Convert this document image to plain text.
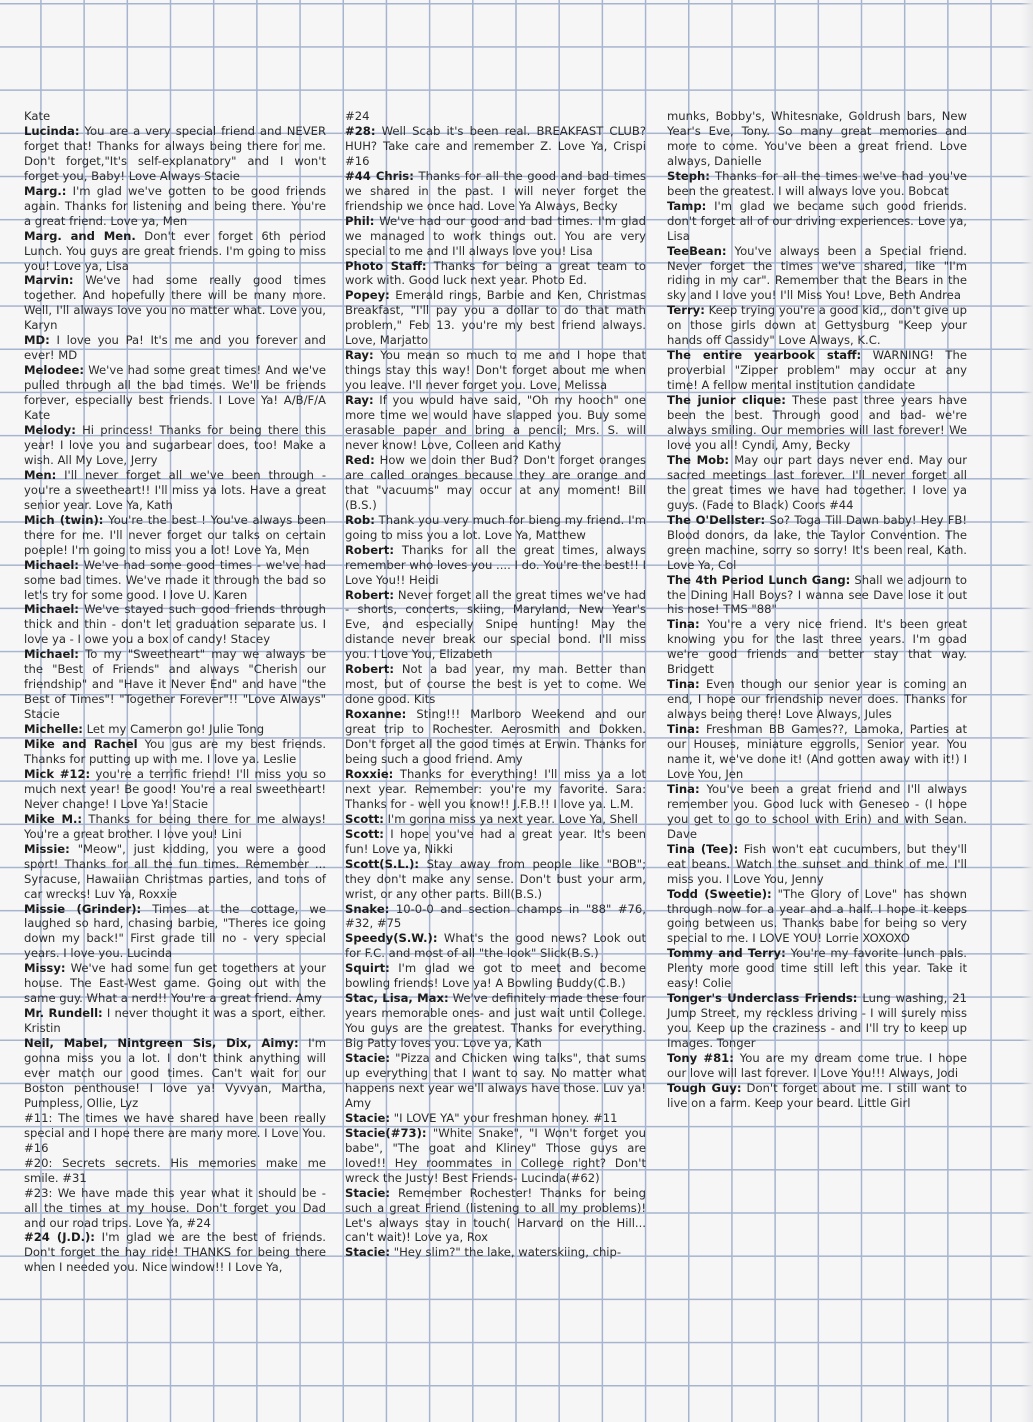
Kate

Lucinda: You are a very special friend and NEVER forget that! Thanks for always being there for me. Don't forget,"It's self-explanatory" and I won't forget you, Baby! Love Always Stacie

Marg.: I'm glad we've gotten to be good friends again. Thanks for listening and being there. You're a great friend. Love ya, Men

Marg. and Men. Don't ever forget 6th period Lunch. You guys are great friends. I'm going to miss you! Love ya, Lisa

Marvin: We've had some really good times together. And hopefully there will be many more. Well, I'll always love you no matter what. Love you, Karyn

MD: I love you Pa! It's me and you forever and ever! MD

Melodee: We've had some great times! And we've pulled through all the bad times. We'll be friends forever, especially best friends. I Love Ya! A/B/F/A Kate

Melody: Hi princess! Thanks for being there this year! I love you and sugarbear does, too! Make a wish. All My Love, Jerry

Men: I'll never forget all we've been through - you're a sweetheart!! I'll miss ya lots. Have a great senior year. Love Ya, Kath

Mich (twin): You're the best ! You've always been there for me. I'll never forget our talks on certain poeple! I'm going to miss you a lot! Love Ya, Men

Michael: We've had some good times - we've had some bad times. We've made it through the bad so let's try for some good. I love U. Karen

Michael: We've stayed such good friends through thick and thin - don't let graduation separate us. I love ya - I owe you a box of candy! Stacey

Michael: To my "Sweetheart" may we always be the "Best of Friends" and always "Cherish our friendship" and "Have it Never End" and have "the Best of Times"! "Together Forever"!! "Love Always" Stacie

Michelle: Let my Cameron go! Julie Tong

Mike and Rachel You gus are my best friends. Thanks for putting up with me. I love ya. Leslie

Mick #12: you're a terrific friend! I'll miss you so much next year! Be good! You're a real sweetheart! Never change! I Love Ya! Stacie

Mike M.: Thanks for being there for me always! You're a great brother. I love you! Lini

Missie: "Meow", just kidding, you were a good sport! Thanks for all the fun times. Remember ... Syracuse, Hawaiian Christmas parties, and tons of car wrecks! Luv Ya, Roxxie

Missie (Grinder): Times at the cottage, we laughed so hard, chasing barbie, "Theres ice going down my back!" First grade till no - very special years. I love you. Lucinda

Missy: We've had some fun get togethers at your house. The East-West game. Going out with the same guy. What a nerd!! You're a great friend. Amy

Mr. Rundell: I never thought it was a sport, either. Kristin

Neil, Mabel, Nintgreen Sis, Dix, Aimy: I'm gonna miss you a lot. I don't think anything will ever match our good times. Can't wait for our Boston penthouse! I love ya! Vyvyan, Martha, Pumpless, Ollie, Lyz

#11: The times we have shared have been really special and I hope there are many more. I Love You. #16

#20: Secrets secrets. His memories make me smile. #31

#23: We have made this year what it should be - all the times at my house. Don't forget you Dad and our road trips. Love Ya, #24

#24 (J.D.): I'm glad we are the best of friends. Don't forget the hay ride! THANKS for being there when I needed you. Nice window!! I Love Ya,

#24

#28: Well Scab it's been real. BREAKFAST CLUB? HUH? Take care and remember Z. Love Ya, Crispi #16

#44 Chris: Thanks for all the good and bad times we shared in the past. I will never forget the friendship we once had. Love Ya Always, Becky

Phil: We've had our good and bad times. I'm glad we managed to work things out. You are very special to me and I'll always love you! Lisa

Photo Staff: Thanks for being a great team to work with. Good luck next year. Photo Ed.

Popey: Emerald rings, Barbie and Ken, Christmas Breakfast, "I'll pay you a dollar to do that math problem," Feb 13. you're my best friend always. Love, Marjatto

Ray: You mean so much to me and I hope that things stay this way! Don't forget about me when you leave. I'll never forget you. Love, Melissa

Ray: If you would have said, "Oh my hooch" one more time we would have slapped you. Buy some erasable paper and bring a pencil; Mrs. S. will never know! Love, Colleen and Kathy

Red: How we doin ther Bud? Don't forget oranges are called oranges because they are orange and that "vacuums" may occur at any moment! Bill (B.S.)

Rob: Thank you very much for bieng my friend. I'm going to miss you a lot. Love Ya, Matthew

Robert: Thanks for all the great times, always remember who loves you .... I do. You're the best!! I Love You!! Heidi

Robert: Never forget all the great times we've had - shorts, concerts, skiing, Maryland, New Year's Eve, and especially Snipe hunting! May the distance never break our special bond. I'll miss you. I Love You, Elizabeth

Robert: Not a bad year, my man. Better than most, but of course the best is yet to come. We done good. Kits

Roxanne: Sting!!! Marlboro Weekend and our great trip to Rochester. Aerosmith and Dokken. Don't forget all the good times at Erwin. Thanks for being such a good friend. Amy

Roxxie: Thanks for everything! I'll miss ya a lot next year. Remember: you're my favorite. Sara: Thanks for - well you know!! J.F.B.!! I love ya. L.M.

Scott: I'm gonna miss ya next year. Love Ya, Shell

Scott: I hope you've had a great year. It's been fun! Love ya, Nikki

Scott(S.L.): Stay away from people like "BOB"; they don't make any sense. Don't bust your arm, wrist, or any other parts. Bill(B.S.)

Snake: 10-0-0 and section champs in "88" #76, #32, #75

Speedy(S.W.): What's the good news? Look out for F.C. and most of all "the look" Slick(B.S.)

Squirt: I'm glad we got to meet and become bowling friends! Love ya! A Bowling Buddy(C.B.)

Stac, Lisa, Max: We've definitely made these four years memorable ones- and just wait until College. You guys are the greatest. Thanks for everything. Big Patty loves you. Love ya, Kath

Stacie: "Pizza and Chicken wing talks", that sums up everything that I want to say. No matter what happens next year we'll always have those. Luv ya! Amy

Stacie: "I LOVE YA" your freshman honey. #11

Stacie(#73): "White Snake", "I Won't forget you babe", "The goat and Kliney" Those guys are loved!! Hey roommates in College right? Don't wreck the Justy! Best Friends- Lucinda(#62)

Stacie: Remember Rochester! Thanks for being such a great Friend (listening to all my problems)! Let's always stay in touch( Harvard on the Hill... can't wait)! Love ya, Rox

Stacie: "Hey slim?" the lake, waterskiing, chip-

munks, Bobby's, Whitesnake, Goldrush bars, New Year's Eve, Tony. So many great memories and more to come. You've been a great friend. Love always, Danielle

Steph: Thanks for all the times we've had you've been the greatest. I will always love you. Bobcat

Tamp: I'm glad we became such good friends. don't forget all of our driving experiences. Love ya, Lisa

TeeBean: You've always been a Special friend. Never forget the times we've shared, like "I'm riding in my car". Remember that the Bears in the sky and I love you! I'll Miss You! Love, Beth Andrea

Terry: Keep trying you're a good kid,, don't give up on those girls down at Gettysburg "Keep your hands off Cassidy" Love Always, K.C.

The entire yearbook staff: WARNING! The proverbial "Zipper problem" may occur at any time! A fellow mental institution candidate

The junior clique: These past three years have been the best. Through good and bad- we're always smiling. Our memories will last forever! We love you all! Cyndi, Amy, Becky

The Mob: May our part days never end. May our sacred meetings last forever. I'll never forget all the great times we have had together. I love ya guys. (Fade to Black) Coors #44

The O'Dellster: So? Toga Till Dawn baby! Hey FB! Blood donors, da lake, the Taylor Convention. The green machine, sorry so sorry! It's been real, Kath. Love Ya, Col

The 4th Period Lunch Gang: Shall we adjourn to the Dining Hall Boys? I wanna see Dave lose it out his nose! TMS "88"

Tina: You're a very nice friend. It's been great knowing you for the last three years. I'm goad we're good friends and better stay that way. Bridgett

Tina: Even though our senior year is coming an end, I hope our friendship never does. Thanks for always being there! Love Always, Jules

Tina: Freshman BB Games??, Lamoka, Parties at our Houses, miniature eggrolls, Senior year. You name it, we've done it! (And gotten away with it!) I Love You, Jen

Tina: You've been a great friend and I'll always remember you. Good luck with Geneseo - (I hope you get to go to school with Erin) and with Sean. Dave

Tina (Tee): Fish won't eat cucumbers, but they'll eat beans. Watch the sunset and think of me. I'll miss you. I Love You, Jenny

Todd (Sweetie): "The Glory of Love" has shown through now for a year and a half. I hope it keeps going between us. Thanks babe for being so very special to me. I LOVE YOU! Lorrie XOXOXO

Tommy and Terry: You're my favorite lunch pals. Plenty more good time still left this year. Take it easy! Colie

Tonger's Underclass Friends: Lung washing, 21 Jump Street, my reckless driving - I will surely miss you. Keep up the craziness - and I'll try to keep up Images. Tonger

Tony #81: You are my dream come true. I hope our love will last forever. I Love You!!! Always, Jodi

Tough Guy: Don't forget about me. I still want to live on a farm. Keep your beard. Little Girl
